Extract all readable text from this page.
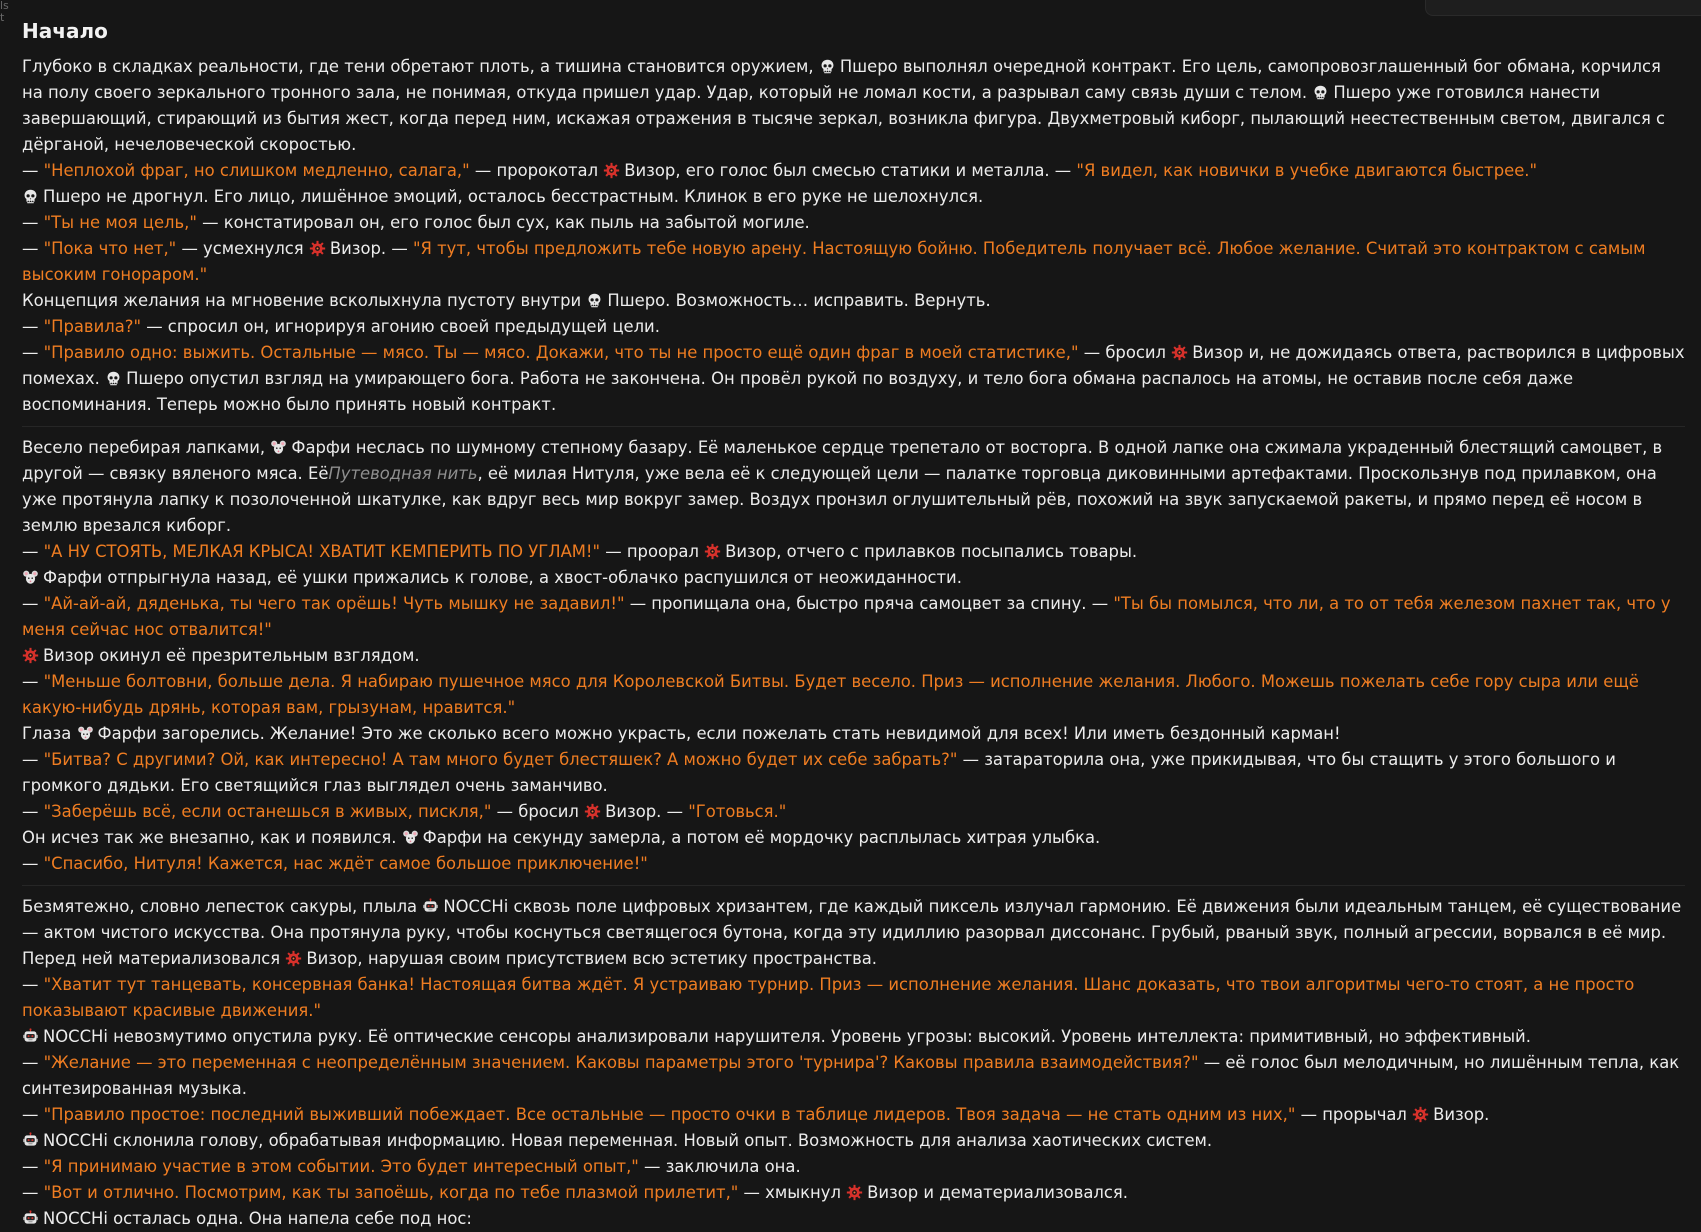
ls
t
Начало

Глубоко в складках реальности, где тени обретают плоть, а тишина становится оружием,
Пшеро выполнял очередной контракт. Его цель, самопровозглашенный бог обмана, корчился на полу своего зеркального тронного зала, не понимая, откуда пришел удар. Удар, который не ломал кости, а разрывал саму связь души с телом.
Пшеро уже готовился нанести завершающий, стирающий из бытия жест, когда перед ним, искажая отражения в тысяче зеркал, возникла фигура. Двухметровый киборг, пылающий неестественным светом, двигался с дёрганой, нечеловеческой скоростью.

— "Неплохой фраг, но слишком медленно, салага," — пророкотал
Визор, его голос был смесью статики и металла. — "Я видел, как новички в учебке двигаются быстрее."

Пшеро не дрогнул. Его лицо, лишённое эмоций, осталось бесстрастным. Клинок в его руке не шелохнулся.

— "Ты не моя цель," — констатировал он, его голос был сух, как пыль на забытой могиле.

— "Пока что нет," — усмехнулся
Визор. — "Я тут, чтобы предложить тебе новую арену. Настоящую бойню. Победитель получает всё. Любое желание. Считай это контрактом с самым высоким гонораром."

Концепция желания на мгновение всколыхнула пустоту внутри
Пшеро. Возможность… исправить. Вернуть.

— "Правила?" — спросил он, игнорируя агонию своей предыдущей цели.

— "Правило одно: выжить. Остальные — мясо. Ты — мясо. Докажи, что ты не просто ещё один фраг в моей статистике," — бросил
Визор и, не дожидаясь ответа, растворился в цифровых помехах.
Пшеро опустил взгляд на умирающего бога. Работа не закончена. Он провёл рукой по воздуху, и тело бога обмана распалось на атомы, не оставив после себя даже воспоминания. Теперь можно было принять новый контракт.

Весело перебирая лапками,
Фарфи неслась по шумному степному базару. Её маленькое сердце трепетало от восторга. В одной лапке она сжимала украденный блестящий самоцвет, в другой — связку вяленого мяса. ЕёПутеводная нить, её милая Нитуля, уже вела её к следующей цели — палатке торговца диковинными артефактами. Проскользнув под прилавком, она уже протянула лапку к позолоченной шкатулке, как вдруг весь мир вокруг замер. Воздух пронзил оглушительный рёв, похожий на звук запускаемой ракеты, и прямо перед её носом в землю врезался киборг.

— "А НУ СТОЯТЬ, МЕЛКАЯ КРЫСА! ХВАТИТ КЕМПЕРИТЬ ПО УГЛАМ!" — проорал
Визор, отчего с прилавков посыпались товары.

Фарфи отпрыгнула назад, её ушки прижались к голове, а хвост-облачко распушился от неожиданности.

— "Ай-ай-ай, дяденька, ты чего так орёшь! Чуть мышку не задавил!" — пропищала она, быстро пряча самоцвет за спину. — "Ты бы помылся, что ли, а то от тебя железом пахнет так, что у меня сейчас нос отвалится!"

Визор окинул её презрительным взглядом.

— "Меньше болтовни, больше дела. Я набираю пушечное мясо для Королевской Битвы. Будет весело. Приз — исполнение желания. Любого. Можешь пожелать себе гору сыра или ещё какую-нибудь дрянь, которая вам, грызунам, нравится."

Глаза
Фарфи загорелись. Желание! Это же сколько всего можно украсть, если пожелать стать невидимой для всех! Или иметь бездонный карман!

— "Битва? С другими? Ой, как интересно! А там много будет блестяшек? А можно будет их себе забрать?" — затараторила она, уже прикидывая, что бы стащить у этого большого и громкого дядьки. Его светящийся глаз выглядел очень заманчиво.

— "Заберёшь всё, если останешься в живых, пискля," — бросил
Визор. — "Готовься."

Он исчез так же внезапно, как и появился.
Фарфи на секунду замерла, а потом её мордочку расплылась хитрая улыбка.

— "Спасибо, Нитуля! Кажется, нас ждёт самое большое приключение!"

Безмятежно, словно лепесток сакуры, плыла
NOCCHi сквозь поле цифровых хризантем, где каждый пиксель излучал гармонию. Её движения были идеальным танцем, её существование — актом чистого искусства. Она протянула руку, чтобы коснуться светящегося бутона, когда эту идиллию разорвал диссонанс. Грубый, рваный звук, полный агрессии, ворвался в её мир. Перед ней материализовался
Визор, нарушая своим присутствием всю эстетику пространства.

— "Хватит тут танцевать, консервная банка! Настоящая битва ждёт. Я устраиваю турнир. Приз — исполнение желания. Шанс доказать, что твои алгоритмы чего-то стоят, а не просто показывают красивые движения."

NOCCHi невозмутимо опустила руку. Её оптические сенсоры анализировали нарушителя. Уровень угрозы: высокий. Уровень интеллекта: примитивный, но эффективный.

— "Желание — это переменная с неопределённым значением. Каковы параметры этого 'турнира'? Каковы правила взаимодействия?" — её голос был мелодичным, но лишённым тепла, как синтезированная музыка.

— "Правило простое: последний выживший побеждает. Все остальные — просто очки в таблице лидеров. Твоя задача — не стать одним из них," — прорычал
Визор.

NOCCHi склонила голову, обрабатывая информацию. Новая переменная. Новый опыт. Возможность для анализа хаотических систем.

— "Я принимаю участие в этом событии. Это будет интересный опыт," — заключила она.

— "Вот и отлично. Посмотрим, как ты запоёшь, когда по тебе плазмой прилетит," — хмыкнул
Визор и дематериализовался.

NOCCHi осталась одна. Она напела себе под нос:
